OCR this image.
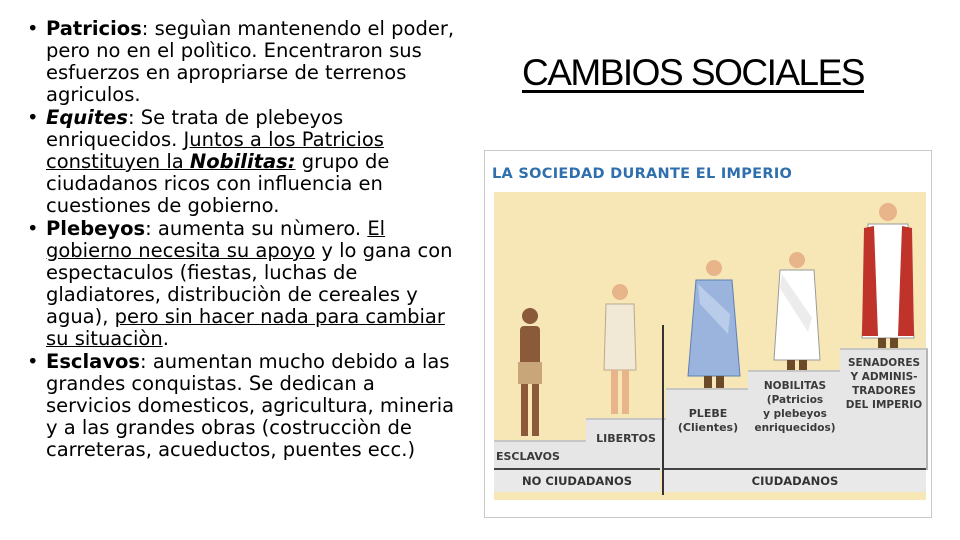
• Patricios: seguìan mantenendo el poder, pero no en el polìtico. Encentraron sus esfuerzos en apropriarse de terrenos agriculos.
• Equites: Se trata de plebeyos enriquecidos. Juntos a los Patricios constituyen la Nobilitas: grupo de ciudadanos ricos con influencia en cuestiones de gobierno.
• Plebeyos: aumenta su nùmero. El gobierno necesita su apoyo y lo gana con espectaculos (fiestas, luchas de gladiatores, distribuciòn de cereales y agua), pero sin hacer nada para cambiar su situaciòn.
• Esclavos: aumentan mucho debido a las grandes conquistas. Se dedican a servicios domesticos, agricultura, mineria y a las grandes obras (costrucciòn de carreteras, acueductos, puentes ecc.)
CAMBIOS SOCIALES
LA SOCIEDAD DURANTE EL IMPERIO
ESCLAVOS
LIBERTOS
PLEBE
(Clientes)
NOBILITAS
(Patricios
y plebeyos
enriquecidos)
SENADORES
Y ADMINIS-
TRADORES
DEL IMPERIO
NO CIUDADANOS	CIUDADANOS
